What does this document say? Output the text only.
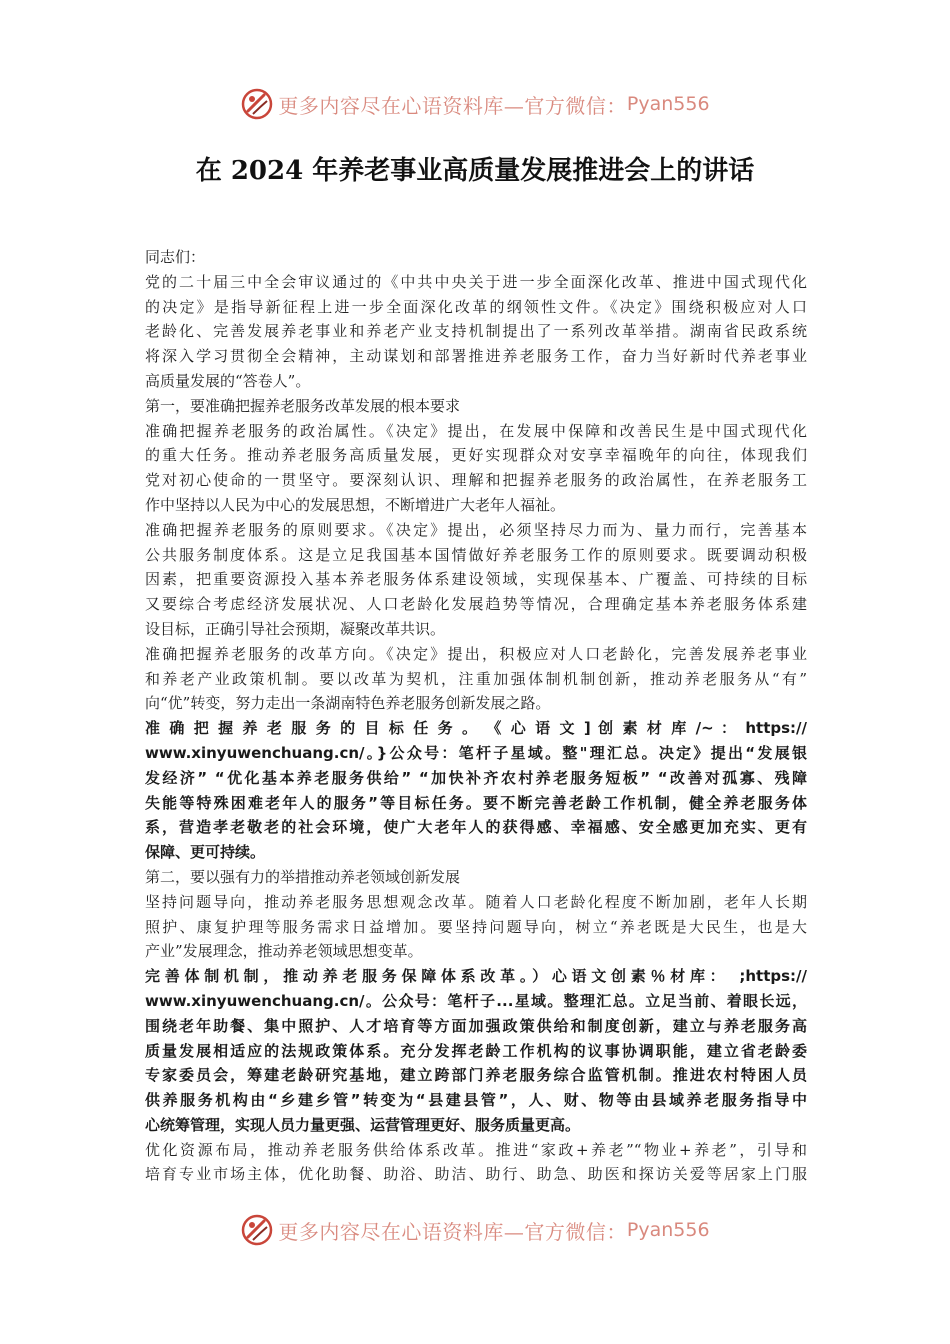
更多内容尽在心语资料库—官方微信： Pyan556
在 2024 年养老事业高质量发展推进会上的讲话
同志们：
党的二十届三中全会审议通过的《中共中央关于进一步全面深化改革、推进中国式现代化
的决定》是指导新征程上进一步全面深化改革的纲领性文件。《决定》围绕积极应对人口
老龄化、完善发展养老事业和养老产业支持机制提出了一系列改革举措。湖南省民政系统
将深入学习贯彻全会精神，主动谋划和部署推进养老服务工作，奋力当好新时代养老事业
高质量发展的“答卷人”。
第一，要准确把握养老服务改革发展的根本要求
准确把握养老服务的政治属性。《决定》提出，在发展中保障和改善民生是中国式现代化
的重大任务。推动养老服务高质量发展，更好实现群众对安享幸福晚年的向往，体现我们
党对初心使命的一贯坚守。要深刻认识、理解和把握养老服务的政治属性，在养老服务工
作中坚持以人民为中心的发展思想，不断增进广大老年人福祉。
准确把握养老服务的原则要求。《决定》提出，必须坚持尽力而为、量力而行，完善基本
公共服务制度体系。这是立足我国基本国情做好养老服务工作的原则要求。既要调动积极
因素，把重要资源投入基本养老服务体系建设领域，实现保基本、广覆盖、可持续的目标
又要综合考虑经济发展状况、人口老龄化发展趋势等情况，合理确定基本养老服务体系建
设目标，正确引导社会预期，凝聚改革共识。
准确把握养老服务的改革方向。《决定》提出，积极应对人口老龄化，完善发展养老事业
和养老产业政策机制。要以改革为契机，注重加强体制机制创新，推动养老服务从“有”
向“优”转变，努力走出一条湖南特色养老服务创新发展之路。
准 确 把 握 养 老 服 务 的 目 标 任 务 。 《 心 语 文 ] 创 素 材 库 /~ ： https://
www.xinyuwenchuang.cn/。}公众号：笔杆子星域。整"理汇总。决定》提出“发展银
发经济” “优化基本养老服务供给” “加快补齐农村养老服务短板” “改善对孤寡、残障
失能等特殊困难老年人的服务”等目标任务。要不断完善老龄工作机制，健全养老服务体
系，营造孝老敬老的社会环境，使广大老年人的获得感、幸福感、安全感更加充实、更有
保障、更可持续。
第二，要以强有力的举措推动养老领域创新发展
坚持问题导向，推动养老服务思想观念改革。随着人口老龄化程度不断加剧，老年人长期
照护、康复护理等服务需求日益增加。要坚持问题导向，树立“养老既是大民生，也是大
产业”发展理念，推动养老领域思想变革。
完善体制机制，推动养老服务保障体系改革。）心语文创素％材库： ;https://
www.xinyuwenchuang.cn/。公众号：笔杆子...星域。整理汇总。立足当前、着眼长远，
围绕老年助餐、集中照护、人才培育等方面加强政策供给和制度创新，建立与养老服务高
质量发展相适应的法规政策体系。充分发挥老龄工作机构的议事协调职能，建立省老龄委
专家委员会，筹建老龄研究基地，建立跨部门养老服务综合监管机制。推进农村特困人员
供养服务机构由“乡建乡管”转变为“县建县管”，人、财、物等由县域养老服务指导中
心统筹管理，实现人员力量更强、运营管理更好、服务质量更高。
优化资源布局，推动养老服务供给体系改革。推进“家政+养老”“物业+养老”，引导和
培育专业市场主体，优化助餐、助浴、助洁、助行、助急、助医和探访关爱等居家上门服
更多内容尽在心语资料库—官方微信： Pyan556
